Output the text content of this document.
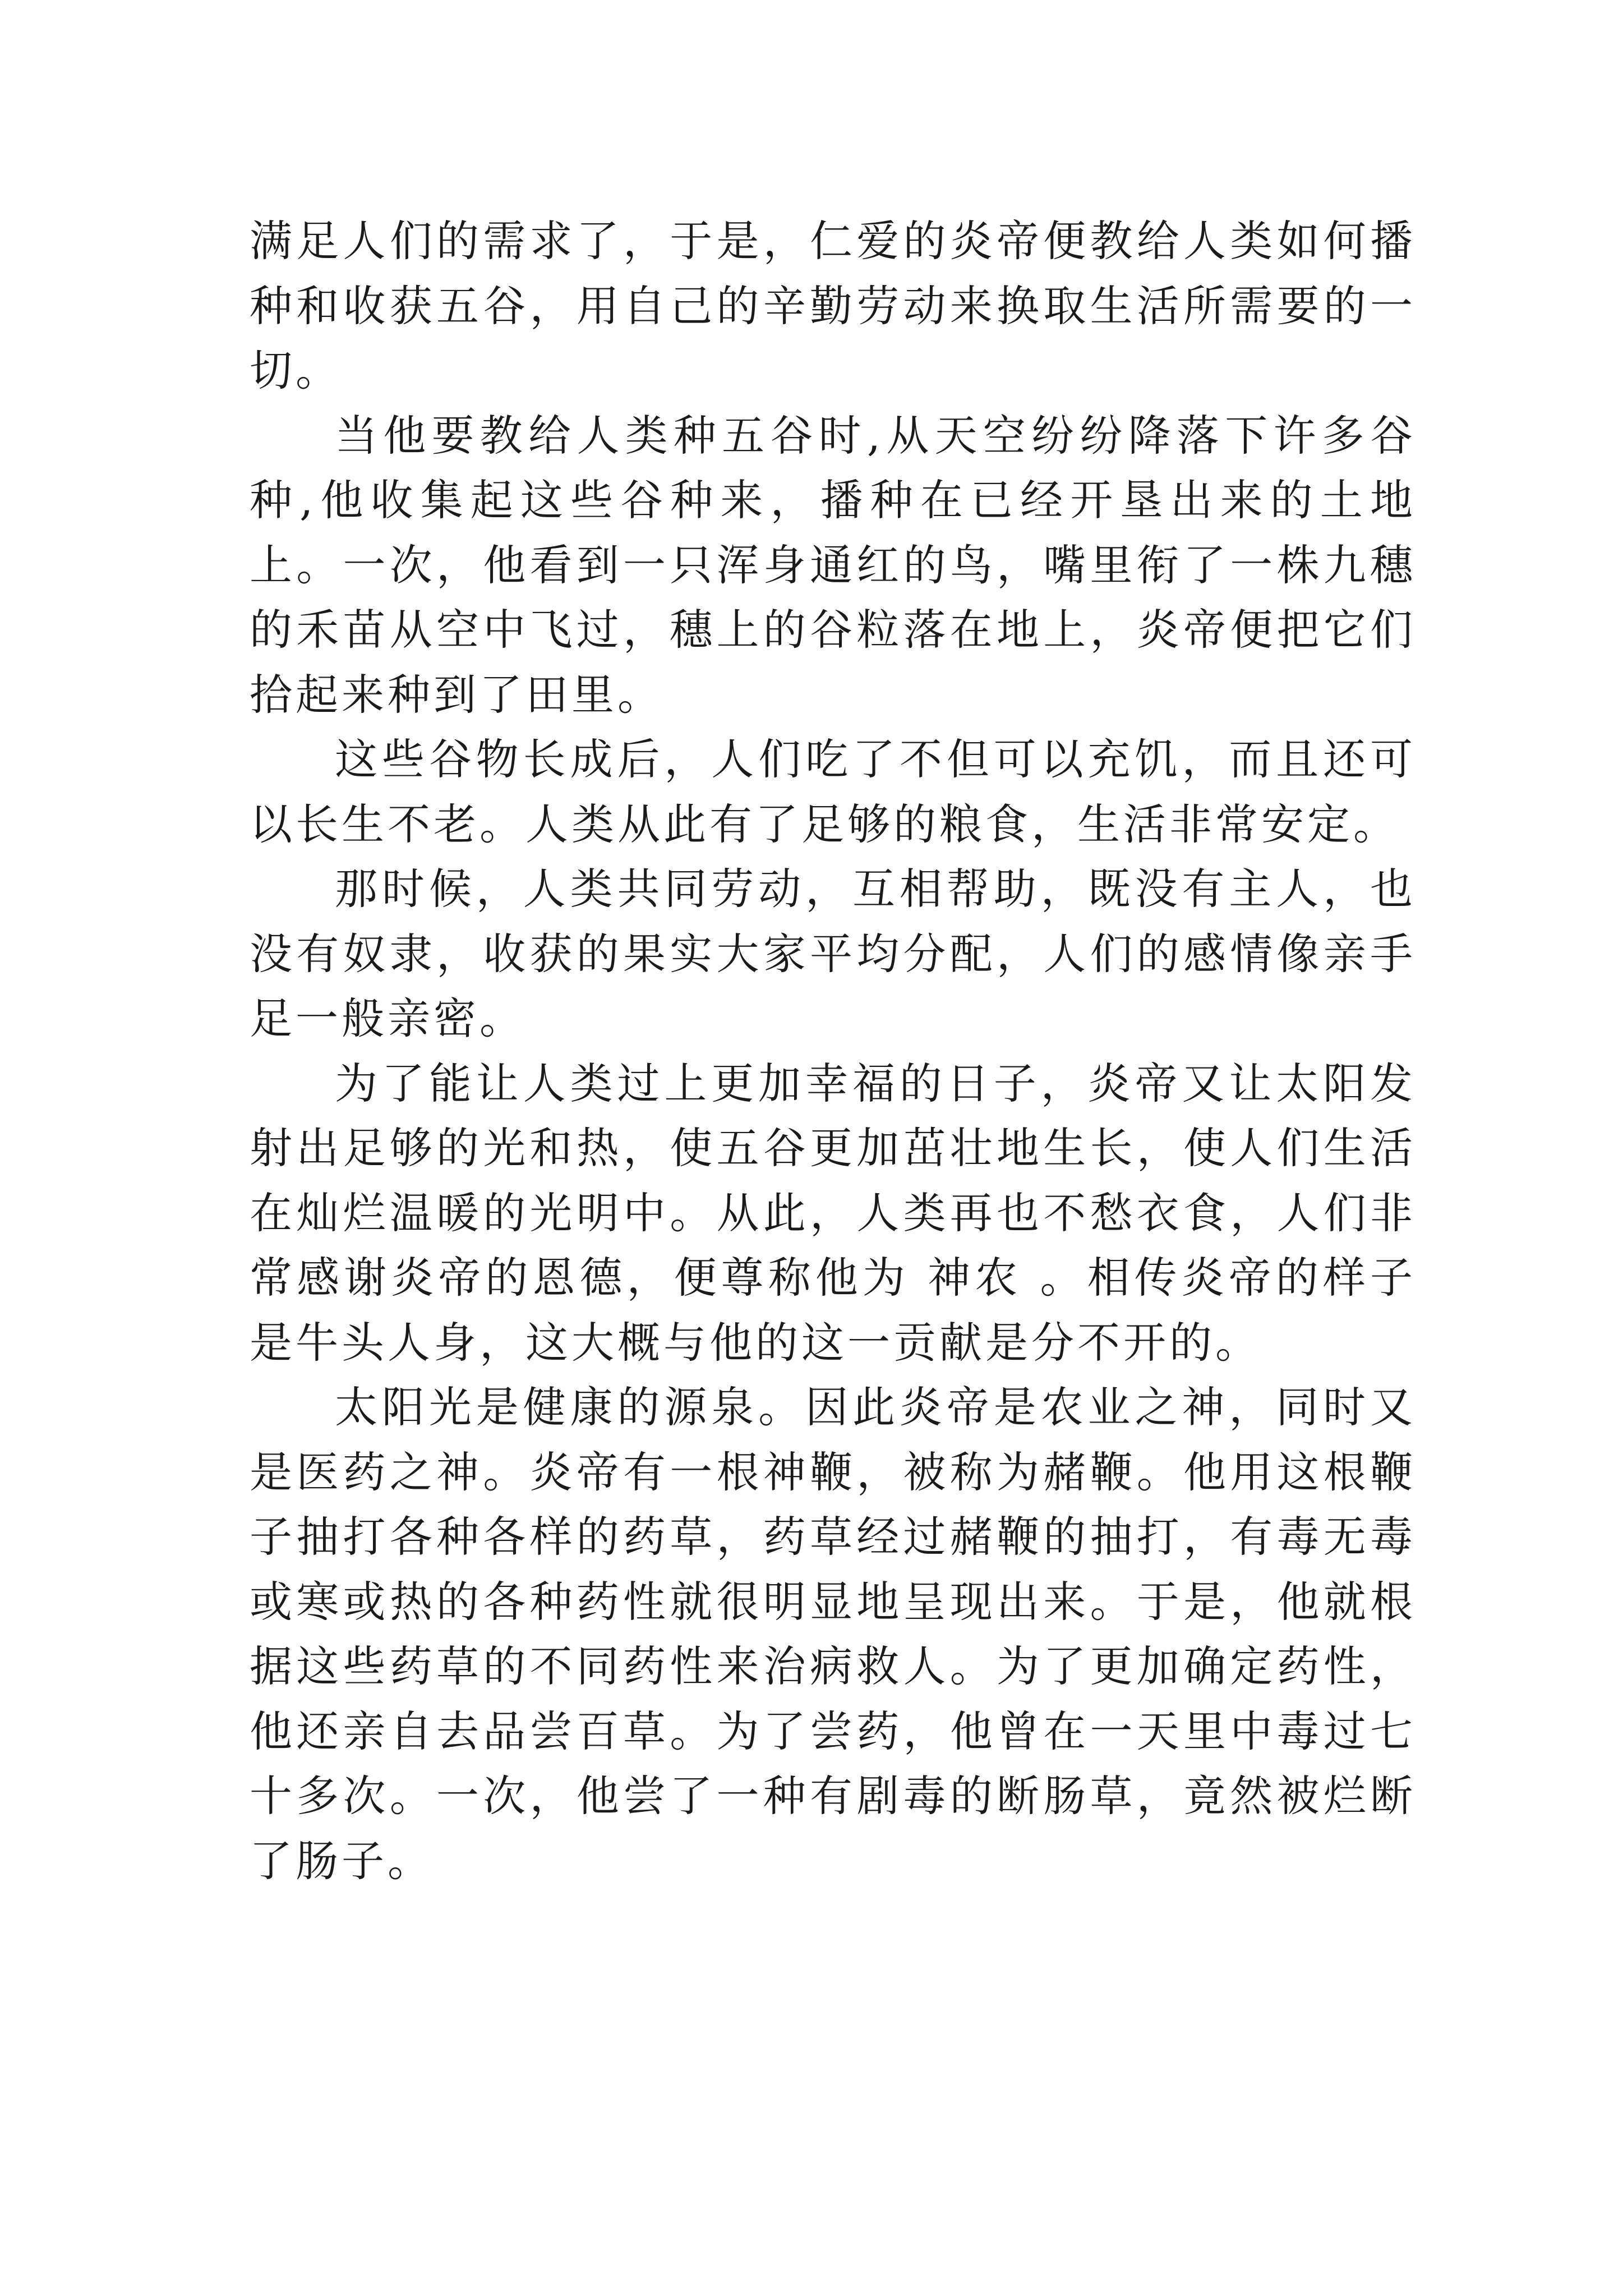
满足人们的需求了，于是，仁爱的炎帝便教给人类如何播种和收获五谷，用自己的辛勤劳动来换取生活所需要的一切。

当他要教给人类种五谷时,从天空纷纷降落下许多谷种,他收集起这些谷种来，播种在已经开垦出来的土地上。一次，他看到一只浑身通红的鸟，嘴里衔了一株九穗的禾苗从空中飞过，穗上的谷粒落在地上，炎帝便把它们拾起来种到了田里。

这些谷物长成后，人们吃了不但可以充饥，而且还可以长生不老。人类从此有了足够的粮食，生活非常安定。

那时候，人类共同劳动，互相帮助，既没有主人，也没有奴隶，收获的果实大家平均分配，人们的感情像亲手足一般亲密。

为了能让人类过上更加幸福的日子，炎帝又让太阳发射出足够的光和热，使五谷更加茁壮地生长，使人们生活在灿烂温暖的光明中。从此，人类再也不愁衣食，人们非常感谢炎帝的恩德，便尊称他为 神农 。相传炎帝的样子是牛头人身，这大概与他的这一贡献是分不开的。

太阳光是健康的源泉。因此炎帝是农业之神，同时又是医药之神。炎帝有一根神鞭，被称为赭鞭。他用这根鞭子抽打各种各样的药草，药草经过赭鞭的抽打，有毒无毒或寒或热的各种药性就很明显地呈现出来。于是，他就根据这些药草的不同药性来治病救人。为了更加确定药性，他还亲自去品尝百草。为了尝药，他曾在一天里中毒过七十多次。一次，他尝了一种有剧毒的断肠草，竟然被烂断了肠子。
